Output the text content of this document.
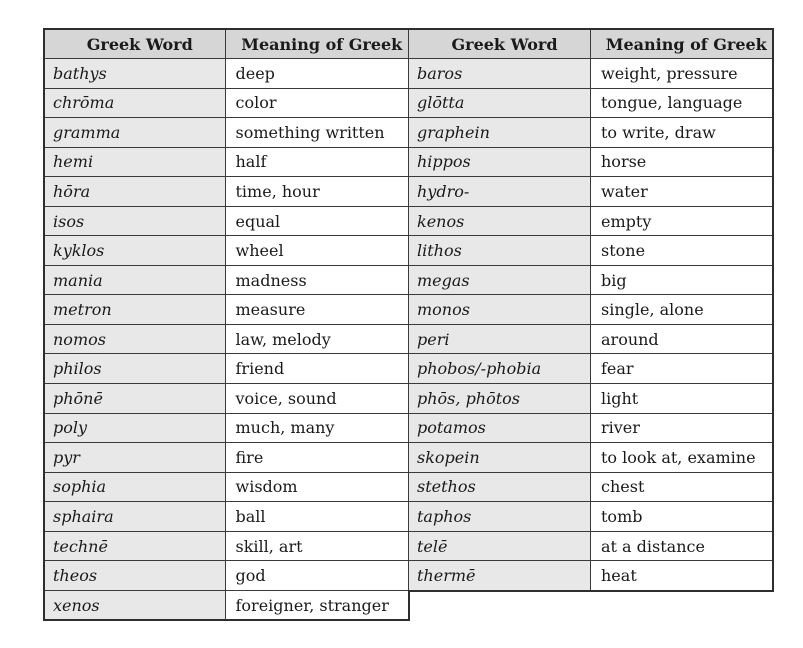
Greek Word	Meaning of Greek
bathys	deep
chrōma	color
gramma	something written
hemi	half
hōra	time, hour
isos	equal
kyklos	wheel
mania	madness
metron	measure
nomos	law, melody
philos	friend
phōnē	voice, sound
poly	much, many
pyr	fire
sophia	wisdom
sphaira	ball
technē	skill, art
theos	god
xenos	foreigner, stranger
Greek Word	Meaning of Greek
baros	weight, pressure
glōtta	tongue, language
graphein	to write, draw
hippos	horse
hydro-	water
kenos	empty
lithos	stone
megas	big
monos	single, alone
peri	around
phobos/-phobia	fear
phōs, phōtos	light
potamos	river
skopein	to look at, examine
stethos	chest
taphos	tomb
telē	at a distance
thermē	heat
